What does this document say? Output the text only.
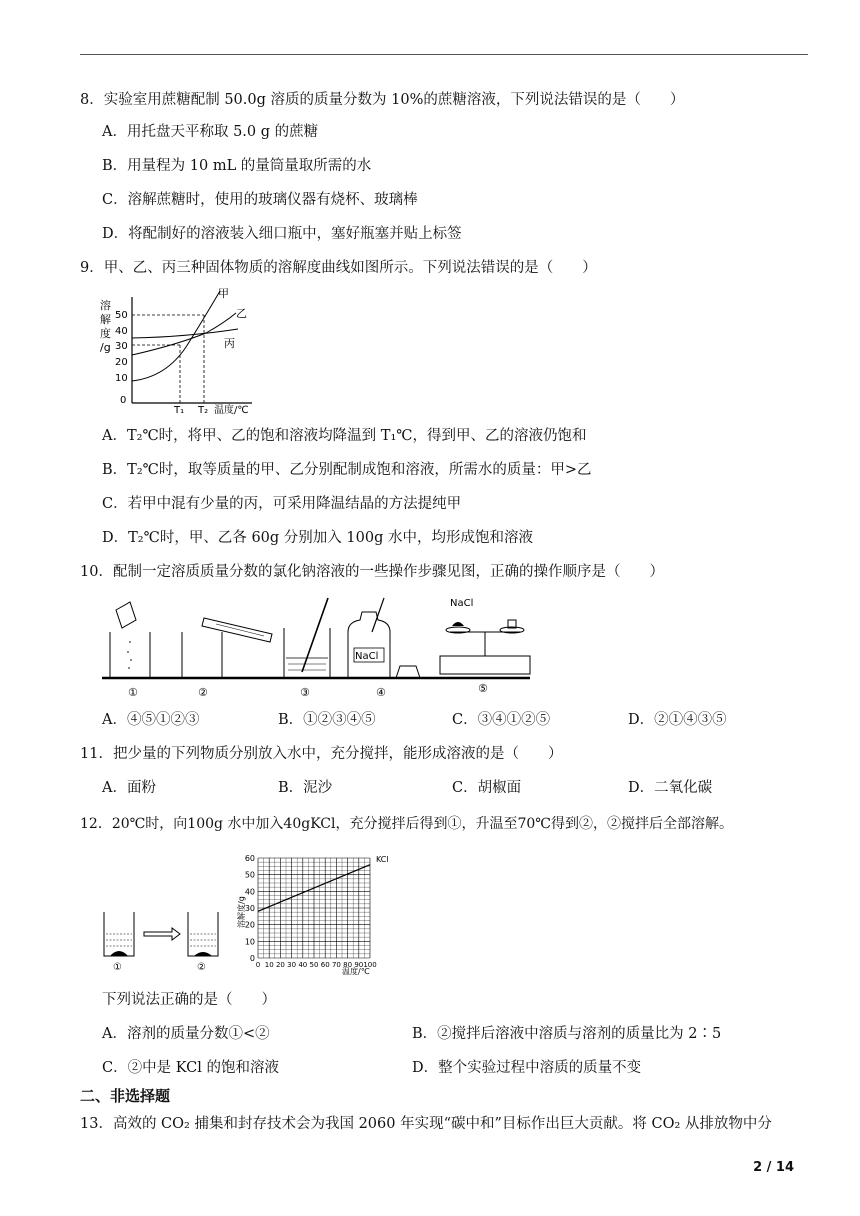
8．实验室用蔗糖配制 50.0g 溶质的质量分数为 10%的蔗糖溶液，下列说法错误的是（　　）
A．用托盘天平称取 5.0 g 的蔗糖
B．用量程为 10 mL 的量筒量取所需的水
C．溶解蔗糖时，使用的玻璃仪器有烧杯、玻璃棒
D．将配制好的溶液装入细口瓶中，塞好瓶塞并贴上标签
9．甲、乙、丙三种固体物质的溶解度曲线如图所示。下列说法错误的是（　　）
溶
解
度
/g
50
40
30
20
10
0
甲
乙
丙
T₁ T₂ 温度/℃
A．T₂℃时，将甲、乙的饱和溶液均降温到 T₁℃，得到甲、乙的溶液仍饱和
B．T₂℃时，取等质量的甲、乙分别配制成饱和溶液，所需水的质量：甲>乙
C．若甲中混有少量的丙，可采用降温结晶的方法提纯甲
D．T₂℃时，甲、乙各 60g 分别加入 100g 水中，均形成饱和溶液
10．配制一定溶质质量分数的氯化钠溶液的一些操作步骤见图，正确的操作顺序是（　　）
NaCl
NaCl
①	②	③	④	⑤
A．④⑤①②③	B．①②③④⑤	C．③④①②⑤	D．②①④③⑤
11．把少量的下列物质分别放入水中，充分搅拌，能形成溶液的是（　　）
A．面粉	B．泥沙	C．胡椒面	D．二氧化碳
12．20℃时，向100g 水中加入40gKCl，充分搅拌后得到①，升温至70℃得到②，②搅拌后全部溶解。
①	②
0
10
20
30
40
50
60
0 10 20 30 40 50 60 70 80 90 100
KCl
温度/℃
溶解度/g
下列说法正确的是（　　）
A．溶剂的质量分数①<②	B．②搅拌后溶液中溶质与溶剂的质量比为 2∶5
C．②中是 KCl 的饱和溶液	D．整个实验过程中溶质的质量不变
二、非选择题
13．高效的 CO₂ 捕集和封存技术会为我国 2060 年实现“碳中和”目标作出巨大贡献。将 CO₂ 从排放物中分
2 / 14
